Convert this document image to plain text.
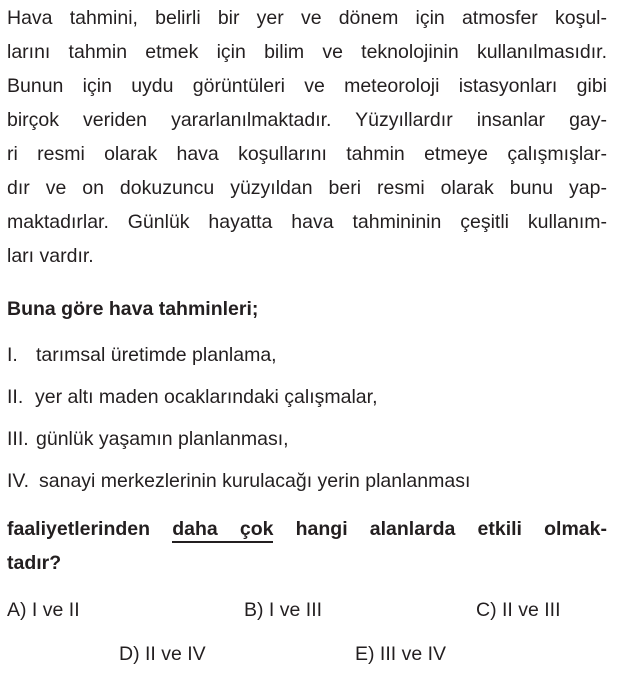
Hava tahmini, belirli bir yer ve dönem için atmosfer koşul-
larını tahmin etmek için bilim ve teknolojinin kullanılmasıdır.
Bunun için uydu görüntüleri ve meteoroloji istasyonları gibi
birçok veriden yararlanılmaktadır. Yüzyıllardır insanlar gay-
ri resmi olarak hava koşullarını tahmin etmeye çalışmışlar-
dır ve on dokuzuncu yüzyıldan beri resmi olarak bunu yap-
maktadırlar. Günlük hayatta hava tahmininin çeşitli kullanım-
ları vardır.
Buna göre hava tahminleri;
I. tarımsal üretimde planlama,
II. yer altı maden ocaklarındaki çalışmalar,
III. günlük yaşamın planlanması,
IV. sanayi merkezlerinin kurulacağı yerin planlanması
faaliyetlerinden daha çok hangi alanlarda etkili olmak-
tadır?
A) I ve II	B) I ve III	C) II ve III
D) II ve IV	E) III ve IV
